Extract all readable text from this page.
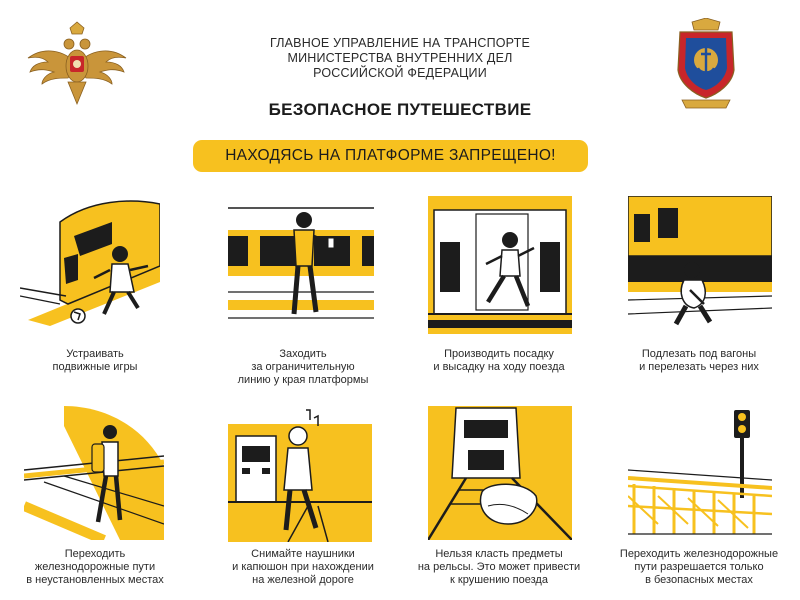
ГЛАВНОЕ УПРАВЛЕНИЕ НА ТРАНСПОРТЕ
МИНИСТЕРСТВА ВНУТРЕННИХ ДЕЛ
РОССИЙСКОЙ ФЕДЕРАЦИИ
БЕЗОПАСНОЕ ПУТЕШЕСТВИЕ
НАХОДЯСЬ НА ПЛАТФОРМЕ ЗАПРЕЩЕНО!
Устраивать
подвижные игры
Заходить
за ограничительную
линию у края платформы
Производить посадку
и высадку на ходу поезда
Подлезать под вагоны
и перелезать через них
Переходить
железнодорожные пути
в неустановленных местах
Снимайте наушники
и капюшон при нахождении
на железной дороге
Нельзя класть предметы
на рельсы. Это может привести
к крушению поезда
Переходить железнодорожные
пути разрешается только
в безопасных местах
